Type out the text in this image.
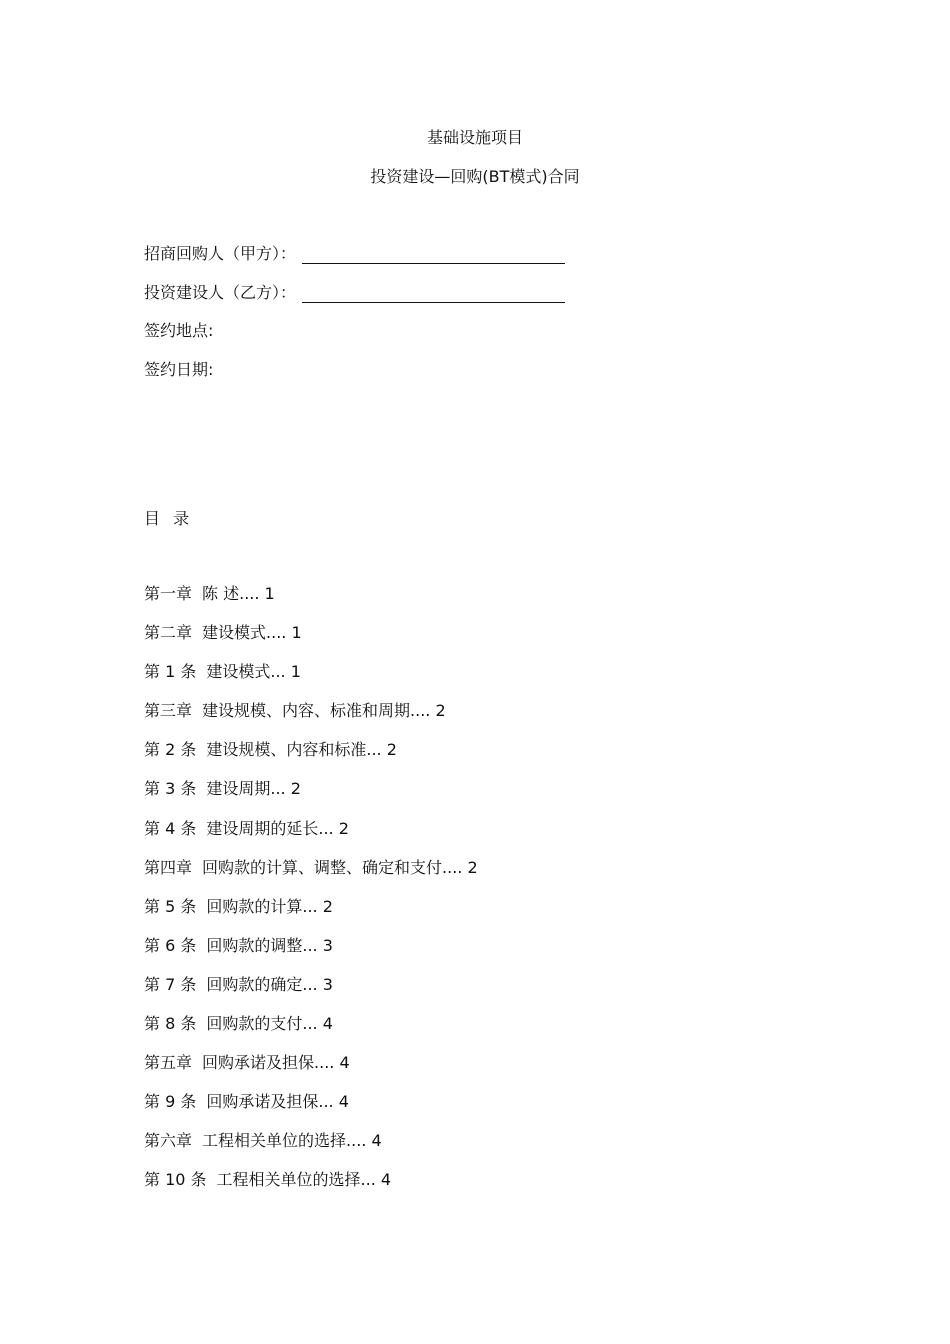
基础设施项目
投资建设—回购(BT模式)合同
招商回购人（甲方）：
投资建设人（乙方）：
签约地点:
签约日期:
目 录
第一章 陈 述.... 1
第二章 建设模式.... 1
第 1 条 建设模式... 1
第三章 建设规模、内容、标准和周期.... 2
第 2 条 建设规模、内容和标准... 2
第 3 条 建设周期... 2
第 4 条 建设周期的延长... 2
第四章 回购款的计算、调整、确定和支付.... 2
第 5 条 回购款的计算... 2
第 6 条 回购款的调整... 3
第 7 条 回购款的确定... 3
第 8 条 回购款的支付... 4
第五章 回购承诺及担保.... 4
第 9 条 回购承诺及担保... 4
第六章 工程相关单位的选择.... 4
第 10 条 工程相关单位的选择... 4
